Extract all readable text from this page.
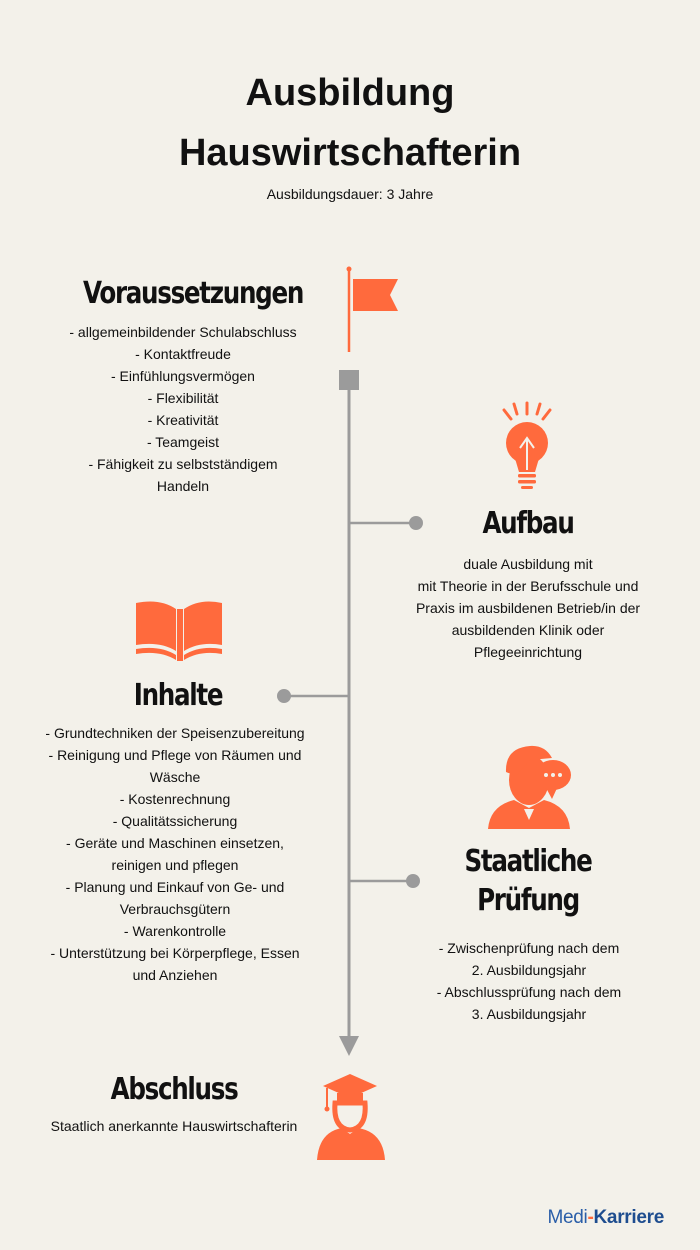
Ausbildung
Hauswirtschafterin
Ausbildungsdauer: 3 Jahre
Voraussetzungen
- allgemeinbildender Schulabschluss
- Kontaktfreude
- Einfühlungsvermögen
- Flexibilität
- Kreativität
- Teamgeist
- Fähigkeit zu selbstständigem
Handeln
Aufbau
duale Ausbildung mit
mit Theorie in der Berufsschule und
Praxis im ausbildenen Betrieb/in der
ausbildenden Klinik oder
Pflegeeinrichtung
Inhalte
- Grundtechniken der Speisenzubereitung
- Reinigung und Pflege von Räumen und
Wäsche
- Kostenrechnung
- Qualitätssicherung
- Geräte und Maschinen einsetzen,
reinigen und pflegen
- Planung und Einkauf von Ge- und
Verbrauchsgütern
- Warenkontrolle
- Unterstützung bei Körperpflege, Essen
und Anziehen
Staatliche
Prüfung
- Zwischenprüfung nach dem
2. Ausbildungsjahr
- Abschlussprüfung nach dem
3. Ausbildungsjahr
Abschluss
Staatlich anerkannte Hauswirtschafterin
Medi-Karriere
